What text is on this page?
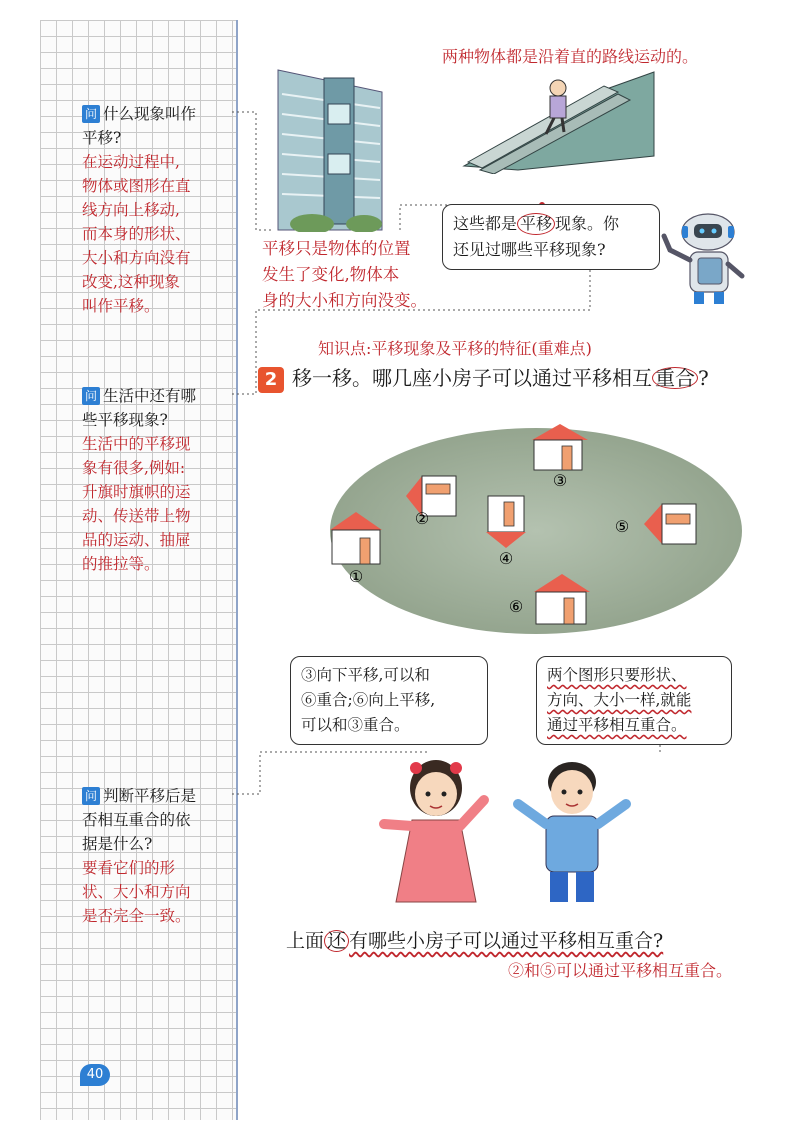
问 什么现象叫作
平移?
在运动过程中,
物体或图形在直
线方向上移动,
而本身的形状、
大小和方向没有
改变,这种现象
叫作平移。
问 生活中还有哪
些平移现象?
生活中的平移现
象有很多,例如:
升旗时旗帜的运
动、传送带上物
品的运动、抽屉
的推拉等。
问 判断平移后是
否相互重合的依
据是什么?
要看它们的形
状、大小和方向
是否完全一致。
两种物体都是沿着直的路线运动的。
平移只是物体的位置
发生了变化,物体本
身的大小和方向没变。
这些都是 平移 现象。你
还见过哪些平移现象?
知识点:平移现象及平移的特征(重难点)
2 移一移。哪几座小房子可以通过平移相互 重合 ?
①
②
③
④
⑤
⑥
③向下平移,可以和
⑥重合;⑥向上平移,
可以和③重合。
两个图形只要形状、
方向、大小一样,就能
通过平移相互重合。
上面 还 有哪些小房子可以通过平移相互重合?
②和⑤可以通过平移相互重合。
40
